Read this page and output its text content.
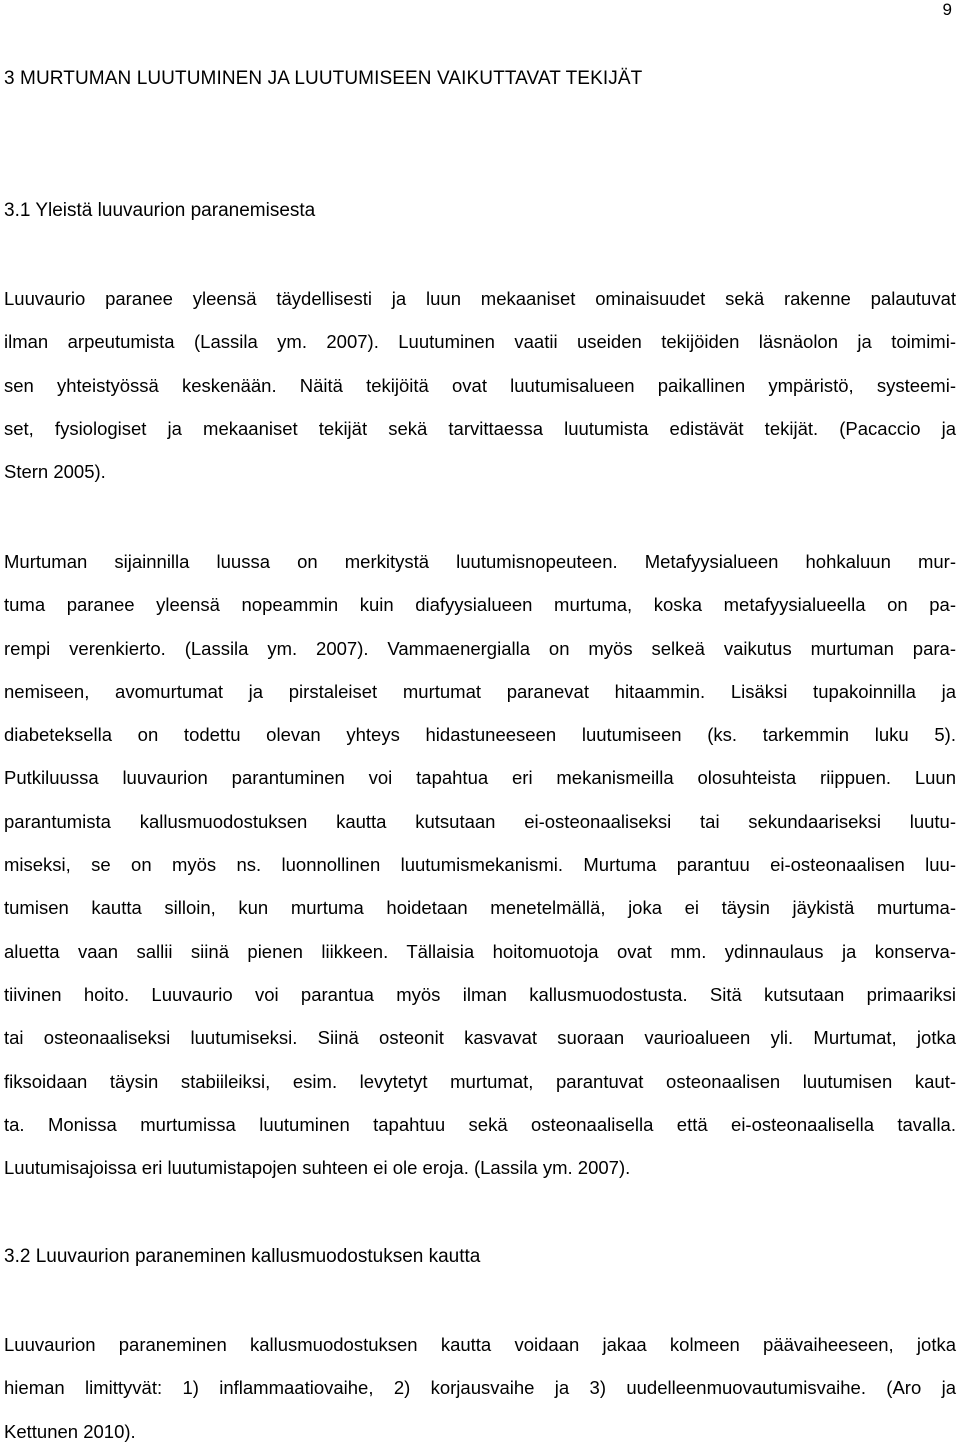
9
3 MURTUMAN LUUTUMINEN JA LUUTUMISEEN VAIKUTTAVAT TEKIJÄT
3.1 Yleistä luuvaurion paranemisesta

Luuvaurio paranee yleensä täydellisesti ja luun mekaaniset ominaisuudet sekä rakenne palautuvat
ilman arpeutumista (Lassila ym. 2007). Luutuminen vaatii useiden tekijöiden läsnäolon ja toimimi-
sen yhteistyössä keskenään. Näitä tekijöitä ovat luutumisalueen paikallinen ympäristö, systeemi-
set, fysiologiset ja mekaaniset tekijät sekä tarvittaessa luutumista edistävät tekijät. (Pacaccio ja
Stern 2005).

Murtuman sijainnilla luussa on merkitystä luutumisnopeuteen. Metafyysialueen hohkaluun mur-
tuma paranee yleensä nopeammin kuin diafyysialueen murtuma, koska metafyysialueella on pa-
rempi verenkierto. (Lassila ym. 2007). Vammaenergialla on myös selkeä vaikutus murtuman para-
nemiseen, avomurtumat ja pirstaleiset murtumat paranevat hitaammin. Lisäksi tupakoinnilla ja
diabeteksella on todettu olevan yhteys hidastuneeseen luutumiseen (ks. tarkemmin luku 5).
Putkiluussa luuvaurion parantuminen voi tapahtua eri mekanismeilla olosuhteista riippuen. Luun
parantumista kallusmuodostuksen kautta kutsutaan ei-osteonaaliseksi tai sekundaariseksi luutu-
miseksi, se on myös ns. luonnollinen luutumismekanismi. Murtuma parantuu ei-osteonaalisen luu-
tumisen kautta silloin, kun murtuma hoidetaan menetelmällä, joka ei täysin jäykistä murtuma-
aluetta vaan sallii siinä pienen liikkeen. Tällaisia hoitomuotoja ovat mm. ydinnaulaus ja konserva-
tiivinen hoito. Luuvaurio voi parantua myös ilman kallusmuodostusta. Sitä kutsutaan primaariksi
tai osteonaaliseksi luutumiseksi. Siinä osteonit kasvavat suoraan vaurioalueen yli. Murtumat, jotka
fiksoidaan täysin stabiileiksi, esim. levytetyt murtumat, parantuvat osteonaalisen luutumisen kaut-
ta. Monissa murtumissa luutuminen tapahtuu sekä osteonaalisella että ei-osteonaalisella tavalla.
Luutumisajoissa eri luutumistapojen suhteen ei ole eroja. (Lassila ym. 2007).

3.2 Luuvaurion paraneminen kallusmuodostuksen kautta

Luuvaurion paraneminen kallusmuodostuksen kautta voidaan jakaa kolmeen päävaiheeseen, jotka
hieman limittyvät: 1) inflammaatiovaihe, 2) korjausvaihe ja 3) uudelleenmuovautumisvaihe. (Aro ja
Kettunen 2010).
